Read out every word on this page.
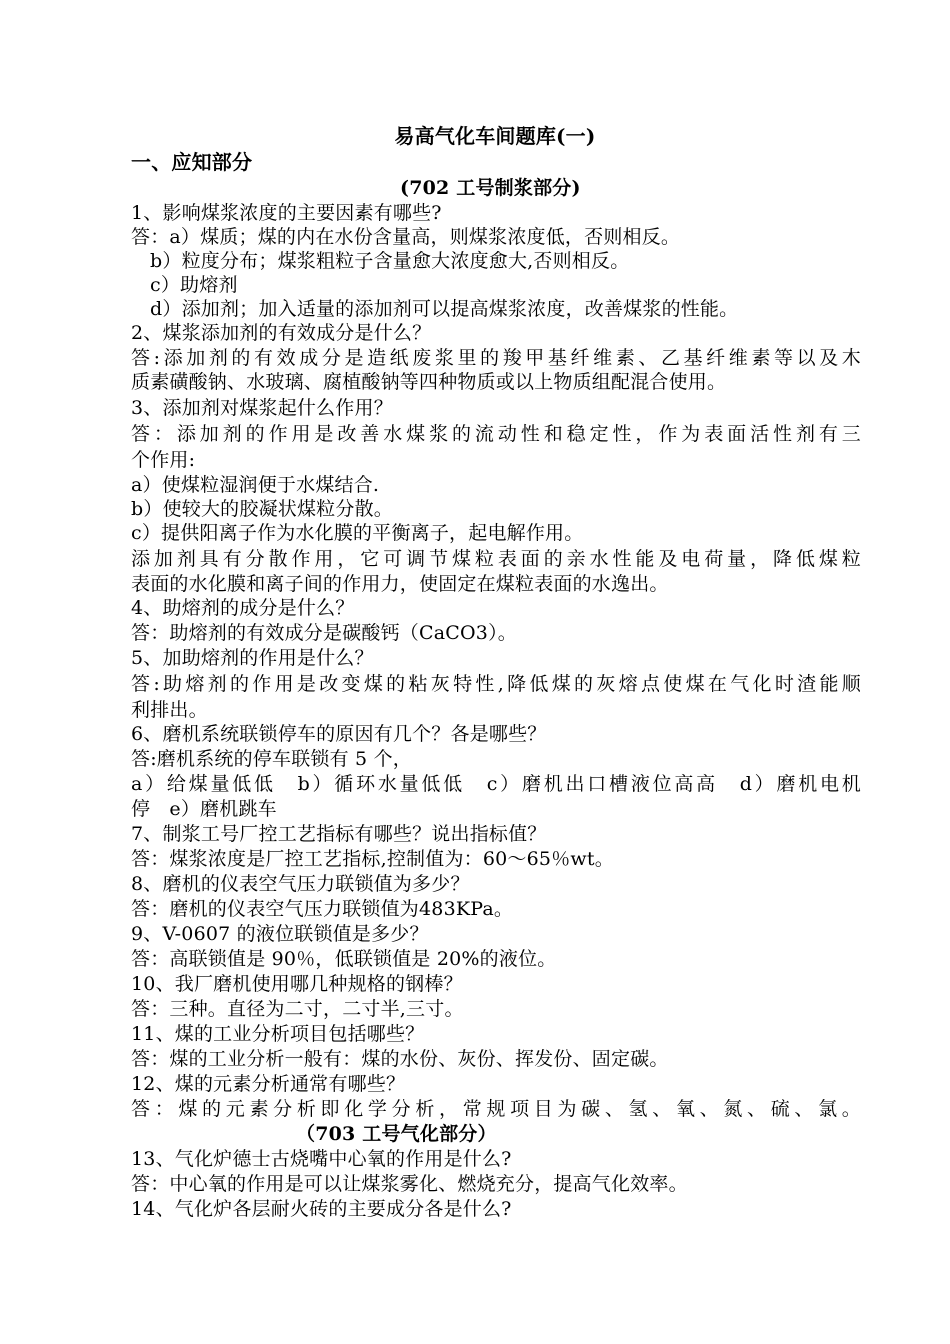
易高气化车间题库(一)
一、应知部分
(702 工号制浆部分)
1、影响煤浆浓度的主要因素有哪些?
答：a）煤质；煤的内在水份含量高，则煤浆浓度低，否则相反。
b）粒度分布；煤浆粗粒子含量愈大浓度愈大,否则相反。
c）助熔剂
d）添加剂；加入适量的添加剂可以提高煤浆浓度，改善煤浆的性能。
2、煤浆添加剂的有效成分是什么？
答:添加剂的有效成分是造纸废浆里的羧甲基纤维素、乙基纤维素等以及木
质素磺酸钠、水玻璃、腐植酸钠等四种物质或以上物质组配混合使用。
3、添加剂对煤浆起什么作用？
答：添加剂的作用是改善水煤浆的流动性和稳定性，作为表面活性剂有三
个作用:
a）使煤粒湿润便于水煤结合.
b）使较大的胶凝状煤粒分散。
c）提供阳离子作为水化膜的平衡离子，起电解作用。
添加剂具有分散作用，它可调节煤粒表面的亲水性能及电荷量，降低煤粒
表面的水化膜和离子间的作用力，使固定在煤粒表面的水逸出。
4、助熔剂的成分是什么？
答：助熔剂的有效成分是碳酸钙（CaCO3）。
5、加助熔剂的作用是什么？
答:助熔剂的作用是改变煤的粘灰特性,降低煤的灰熔点使煤在气化时渣能顺
利排出。
6、磨机系统联锁停车的原因有几个？各是哪些？
答:磨机系统的停车联锁有 5 个，
a）给煤量低低　b）循环水量低低　c）磨机出口槽液位高高　d）磨机电机
停　e）磨机跳车
7、制浆工号厂控工艺指标有哪些？说出指标值？
答：煤浆浓度是厂控工艺指标,控制值为：60～65％wt。
8、磨机的仪表空气压力联锁值为多少？
答：磨机的仪表空气压力联锁值为483KPa。
9、V-0607 的液位联锁值是多少？
答：高联锁值是 90％，低联锁值是 20%的液位。
10、我厂磨机使用哪几种规格的钢棒？
答：三种。直径为二寸，二寸半,三寸。
11、煤的工业分析项目包括哪些？
答：煤的工业分析一般有：煤的水份、灰份、挥发份、固定碳。
12、煤的元素分析通常有哪些？
答：煤的元素分析即化学分析，常规项目为碳、氢、氧、氮、硫、氯。
（703 工号气化部分）
13、气化炉德士古烧嘴中心氧的作用是什么?
答：中心氧的作用是可以让煤浆雾化、燃烧充分，提高气化效率。
14、气化炉各层耐火砖的主要成分各是什么?
